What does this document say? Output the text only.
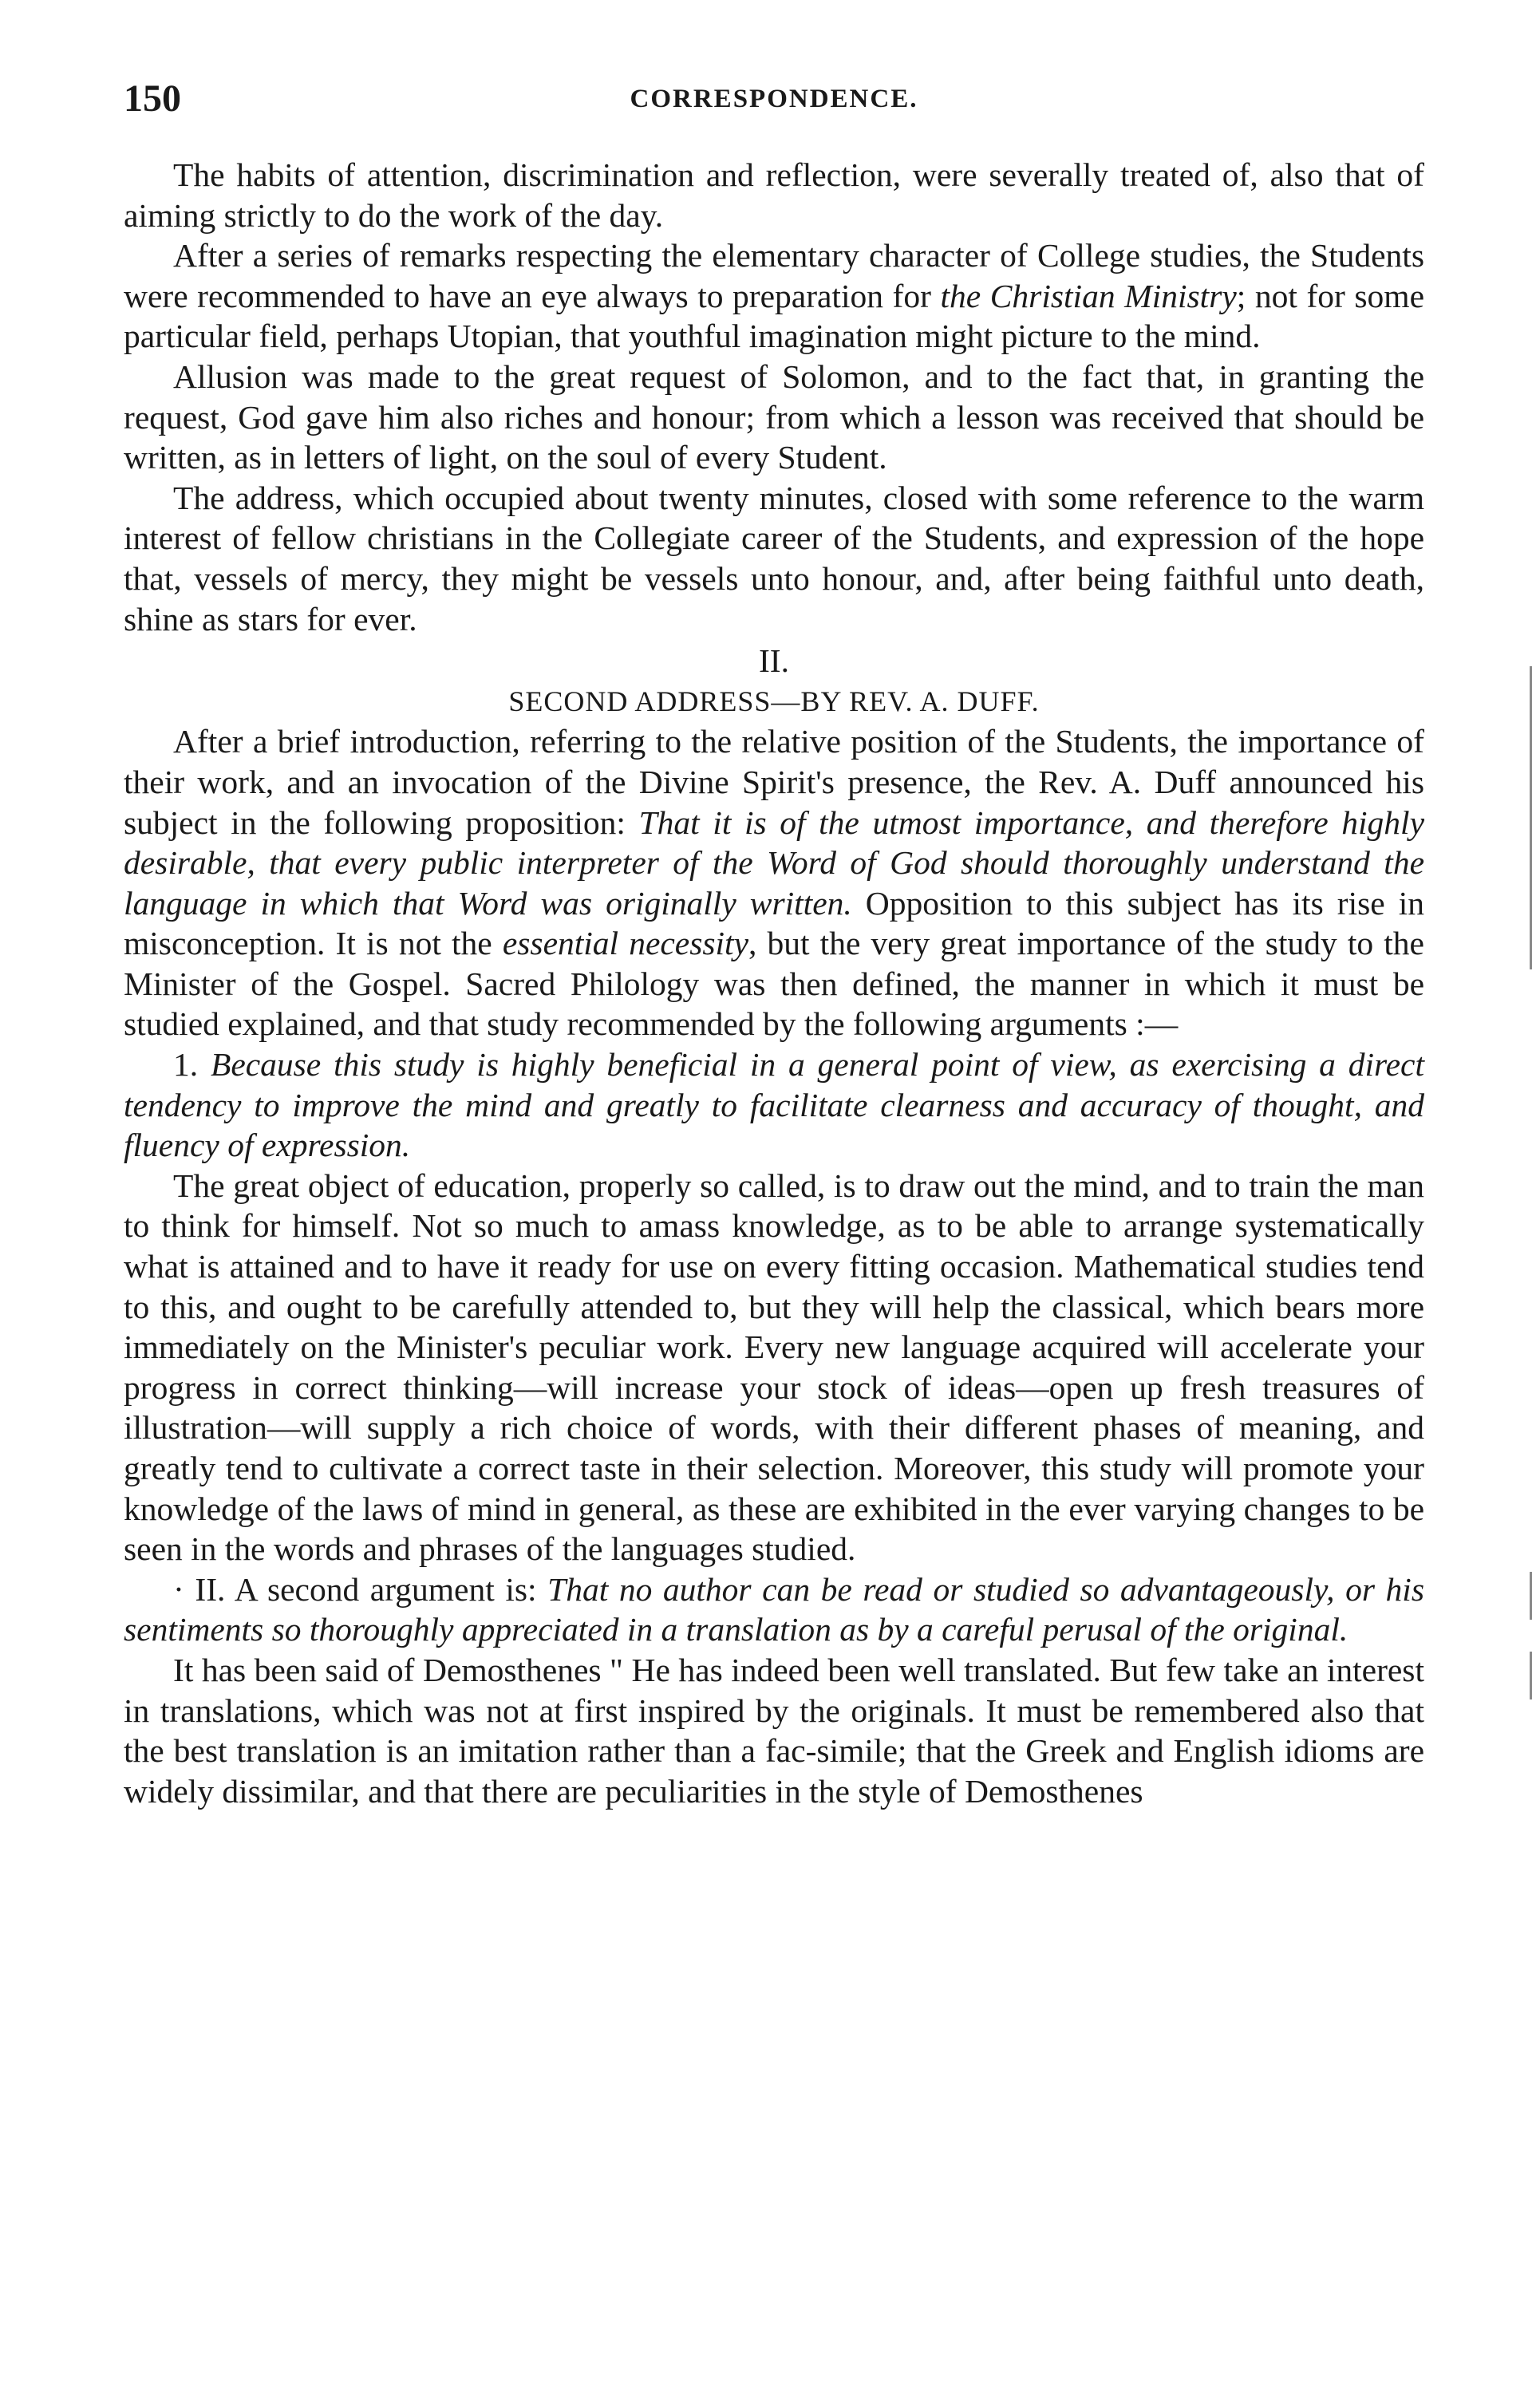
150	CORRESPONDENCE.

The habits of attention, discrimination and reflection, were severally treated of, also that of aiming strictly to do the work of the day.

After a series of remarks respecting the elementary character of College studies, the Students were recommended to have an eye always to preparation for the Christian Ministry; not for some particular field, perhaps Utopian, that youthful imagination might picture to the mind.

Allusion was made to the great request of Solomon, and to the fact that, in granting the request, God gave him also riches and honour; from which a lesson was received that should be written, as in letters of light, on the soul of every Student.

The address, which occupied about twenty minutes, closed with some reference to the warm interest of fellow christians in the Collegiate career of the Students, and expression of the hope that, vessels of mercy, they might be vessels unto honour, and, after being faithful unto death, shine as stars for ever.

II.

SECOND ADDRESS—BY REV. A. DUFF.

After a brief introduction, referring to the relative position of the Students, the importance of their work, and an invocation of the Divine Spirit's presence, the Rev. A. Duff announced his subject in the following proposition: That it is of the utmost importance, and therefore highly desirable, that every public interpreter of the Word of God should thoroughly understand the language in which that Word was originally written. Opposition to this subject has its rise in misconception. It is not the essential necessity, but the very great importance of the study to the Minister of the Gospel. Sacred Philology was then defined, the manner in which it must be studied explained, and that study recommended by the following arguments :—

1. Because this study is highly beneficial in a general point of view, as exercising a direct tendency to improve the mind and greatly to facilitate clearness and accuracy of thought, and fluency of expression.

The great object of education, properly so called, is to draw out the mind, and to train the man to think for himself. Not so much to amass knowledge, as to be able to arrange systematically what is attained and to have it ready for use on every fitting occasion. Mathematical studies tend to this, and ought to be carefully attended to, but they will help the classical, which bears more immediately on the Minister's peculiar work. Every new language acquired will accelerate your progress in correct thinking—will increase your stock of ideas—open up fresh treasures of illustration—will supply a rich choice of words, with their different phases of meaning, and greatly tend to cultivate a correct taste in their selection. Moreover, this study will promote your knowledge of the laws of mind in general, as these are exhibited in the ever varying changes to be seen in the words and phrases of the languages studied.

· II. A second argument is: That no author can be read or studied so advantageously, or his sentiments so thoroughly appreciated in a translation as by a careful perusal of the original.

It has been said of Demosthenes " He has indeed been well translated. But few take an interest in translations, which was not at first inspired by the originals. It must be remembered also that the best translation is an imitation rather than a fac-simile; that the Greek and English idioms are widely dissimilar, and that there are peculiarities in the style of Demosthenes
